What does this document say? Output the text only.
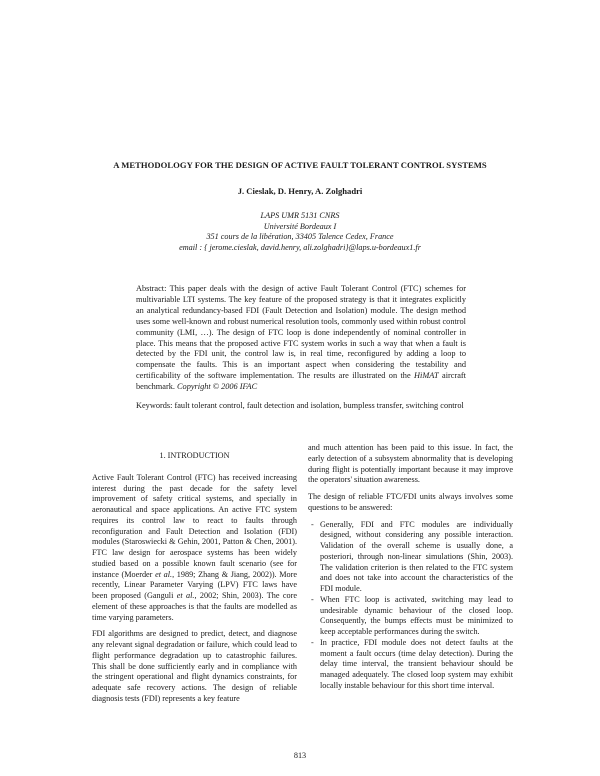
A METHODOLOGY FOR THE DESIGN OF ACTIVE FAULT TOLERANT CONTROL SYSTEMS
J. Cieslak, D. Henry, A. Zolghadri
LAPS UMR 5131 CNRS
Université Bordeaux I
351 cours de la libération, 33405 Talence Cedex, France
email : { jerome.cieslak, david.henry, ali.zolghadri}@laps.u-bordeaux1.fr

Abstract: This paper deals with the design of active Fault Tolerant Control (FTC) schemes for multivariable LTI systems. The key feature of the proposed strategy is that it integrates explicitly an analytical redundancy-based FDI (Fault Detection and Isolation) module. The design method uses some well-known and robust numerical resolution tools, commonly used within robust control community (LMI, …). The design of FTC loop is done independently of nominal controller in place. This means that the proposed active FTC system works in such a way that when a fault is detected by the FDI unit, the control law is, in real time, reconfigured by adding a loop to compensate the faults. This is an important aspect when considering the testability and certificability of the software implementation. The results are illustrated on the HiMAT aircraft benchmark. Copyright © 2006 IFAC

Keywords: fault tolerant control, fault detection and isolation, bumpless transfer, switching control

1. INTRODUCTION

Active Fault Tolerant Control (FTC) has received increasing interest during the past decade for the safety level improvement of safety critical systems, and specially in aeronautical and space applications. An active FTC system requires its control law to react to faults through reconfiguration and Fault Detection and Isolation (FDI) modules (Staroswiecki & Gehin, 2001, Patton & Chen, 2001). FTC law design for aerospace systems has been widely studied based on a possible known fault scenario (see for instance (Moerder et al., 1989; Zhang & Jiang, 2002)). More recently, Linear Parameter Varying (LPV) FTC laws have been proposed (Ganguli et al., 2002; Shin, 2003). The core element of these approaches is that the faults are modelled as time varying parameters.

FDI algorithms are designed to predict, detect, and diagnose any relevant signal degradation or failure, which could lead to flight performance degradation up to catastrophic failures. This shall be done sufficiently early and in compliance with the stringent operational and flight dynamics constraints, for adequate safe recovery actions. The design of reliable diagnosis tests (FDI) represents a key feature

and much attention has been paid to this issue. In fact, the early detection of a subsystem abnormality that is developing during flight is potentially important because it may improve the operators' situation awareness.

The design of reliable FTC/FDI units always involves some questions to be answered:

- Generally, FDI and FTC modules are individually designed, without considering any possible interaction. Validation of the overall scheme is usually done, a posteriori, through non-linear simulations (Shin, 2003). The validation criterion is then related to the FTC system and does not take into account the characteristics of the FDI module.
- When FTC loop is activated, switching may lead to undesirable dynamic behaviour of the closed loop. Consequently, the bumps effects must be minimized to keep acceptable performances during the switch.
- In practice, FDI module does not detect faults at the moment a fault occurs (time delay detection). During the delay time interval, the transient behaviour should be managed adequately. The closed loop system may exhibit locally instable behaviour for this short time interval.
813
